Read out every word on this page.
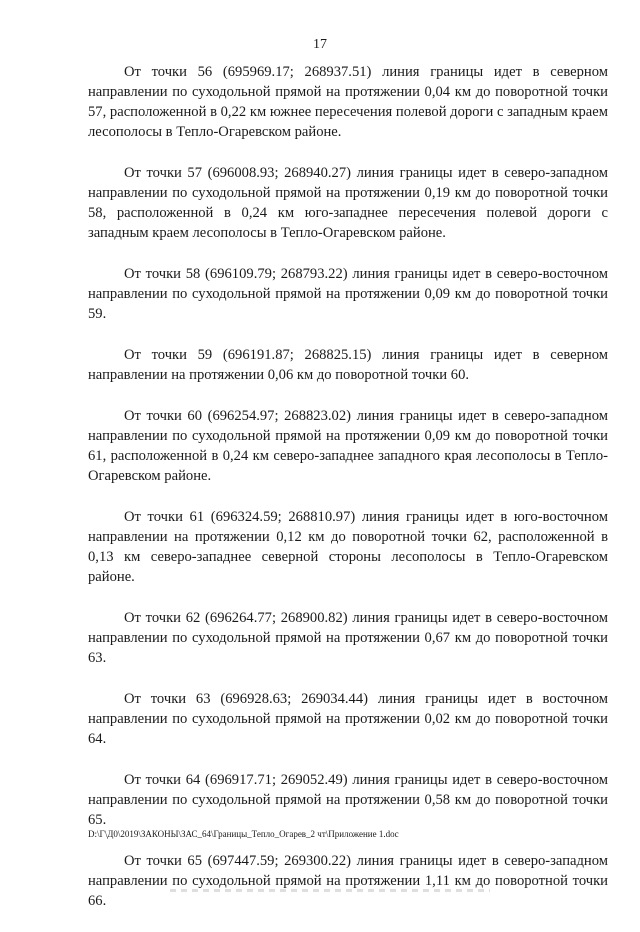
17

От точки 56 (695969.17; 268937.51) линия границы идет в северном направлении по суходольной прямой на протяжении 0,04 км до поворотной точки 57, расположенной в 0,22 км южнее пересечения полевой дороги с западным краем лесополосы в Тепло-Огаревском районе.

От точки 57 (696008.93; 268940.27) линия границы идет в северо-западном направлении по суходольной прямой на протяжении 0,19 км до поворотной точки 58, расположенной в 0,24 км юго-западнее пересечения полевой дороги с западным краем лесополосы в Тепло-Огаревском районе.

От точки 58 (696109.79; 268793.22) линия границы идет в северо-восточном направлении по суходольной прямой на протяжении 0,09 км до поворотной точки 59.

От точки 59 (696191.87; 268825.15) линия границы идет в северном направлении на протяжении 0,06 км до поворотной точки 60.

От точки 60 (696254.97; 268823.02) линия границы идет в северо-западном направлении по суходольной прямой на протяжении 0,09 км до поворотной точки 61, расположенной в 0,24 км северо-западнее западного края лесополосы в Тепло-Огаревском районе.

От точки 61 (696324.59; 268810.97) линия границы идет в юго-восточном направлении на протяжении 0,12 км до поворотной точки 62, расположенной в 0,13 км северо-западнее северной стороны лесополосы в Тепло-Огаревском районе.

От точки 62 (696264.77; 268900.82) линия границы идет в северо-восточном направлении по суходольной прямой на протяжении 0,67 км до поворотной точки 63.

От точки 63 (696928.63; 269034.44) линия границы идет в восточном направлении по суходольной прямой на протяжении 0,02 км до поворотной точки 64.

От точки 64 (696917.71; 269052.49) линия границы идет в северо-восточном направлении по суходольной прямой на протяжении 0,58 км до поворотной точки 65.

От точки 65 (697447.59; 269300.22) линия границы идет в северо-западном направлении по суходольной прямой на протяжении 1,11 км до поворотной точки 66.

D:\Г\Д0\2019\ЗАКОНЫ\ЗАС_64\Границы_Тепло_Огарев_2 чт\Приложение 1.doc
